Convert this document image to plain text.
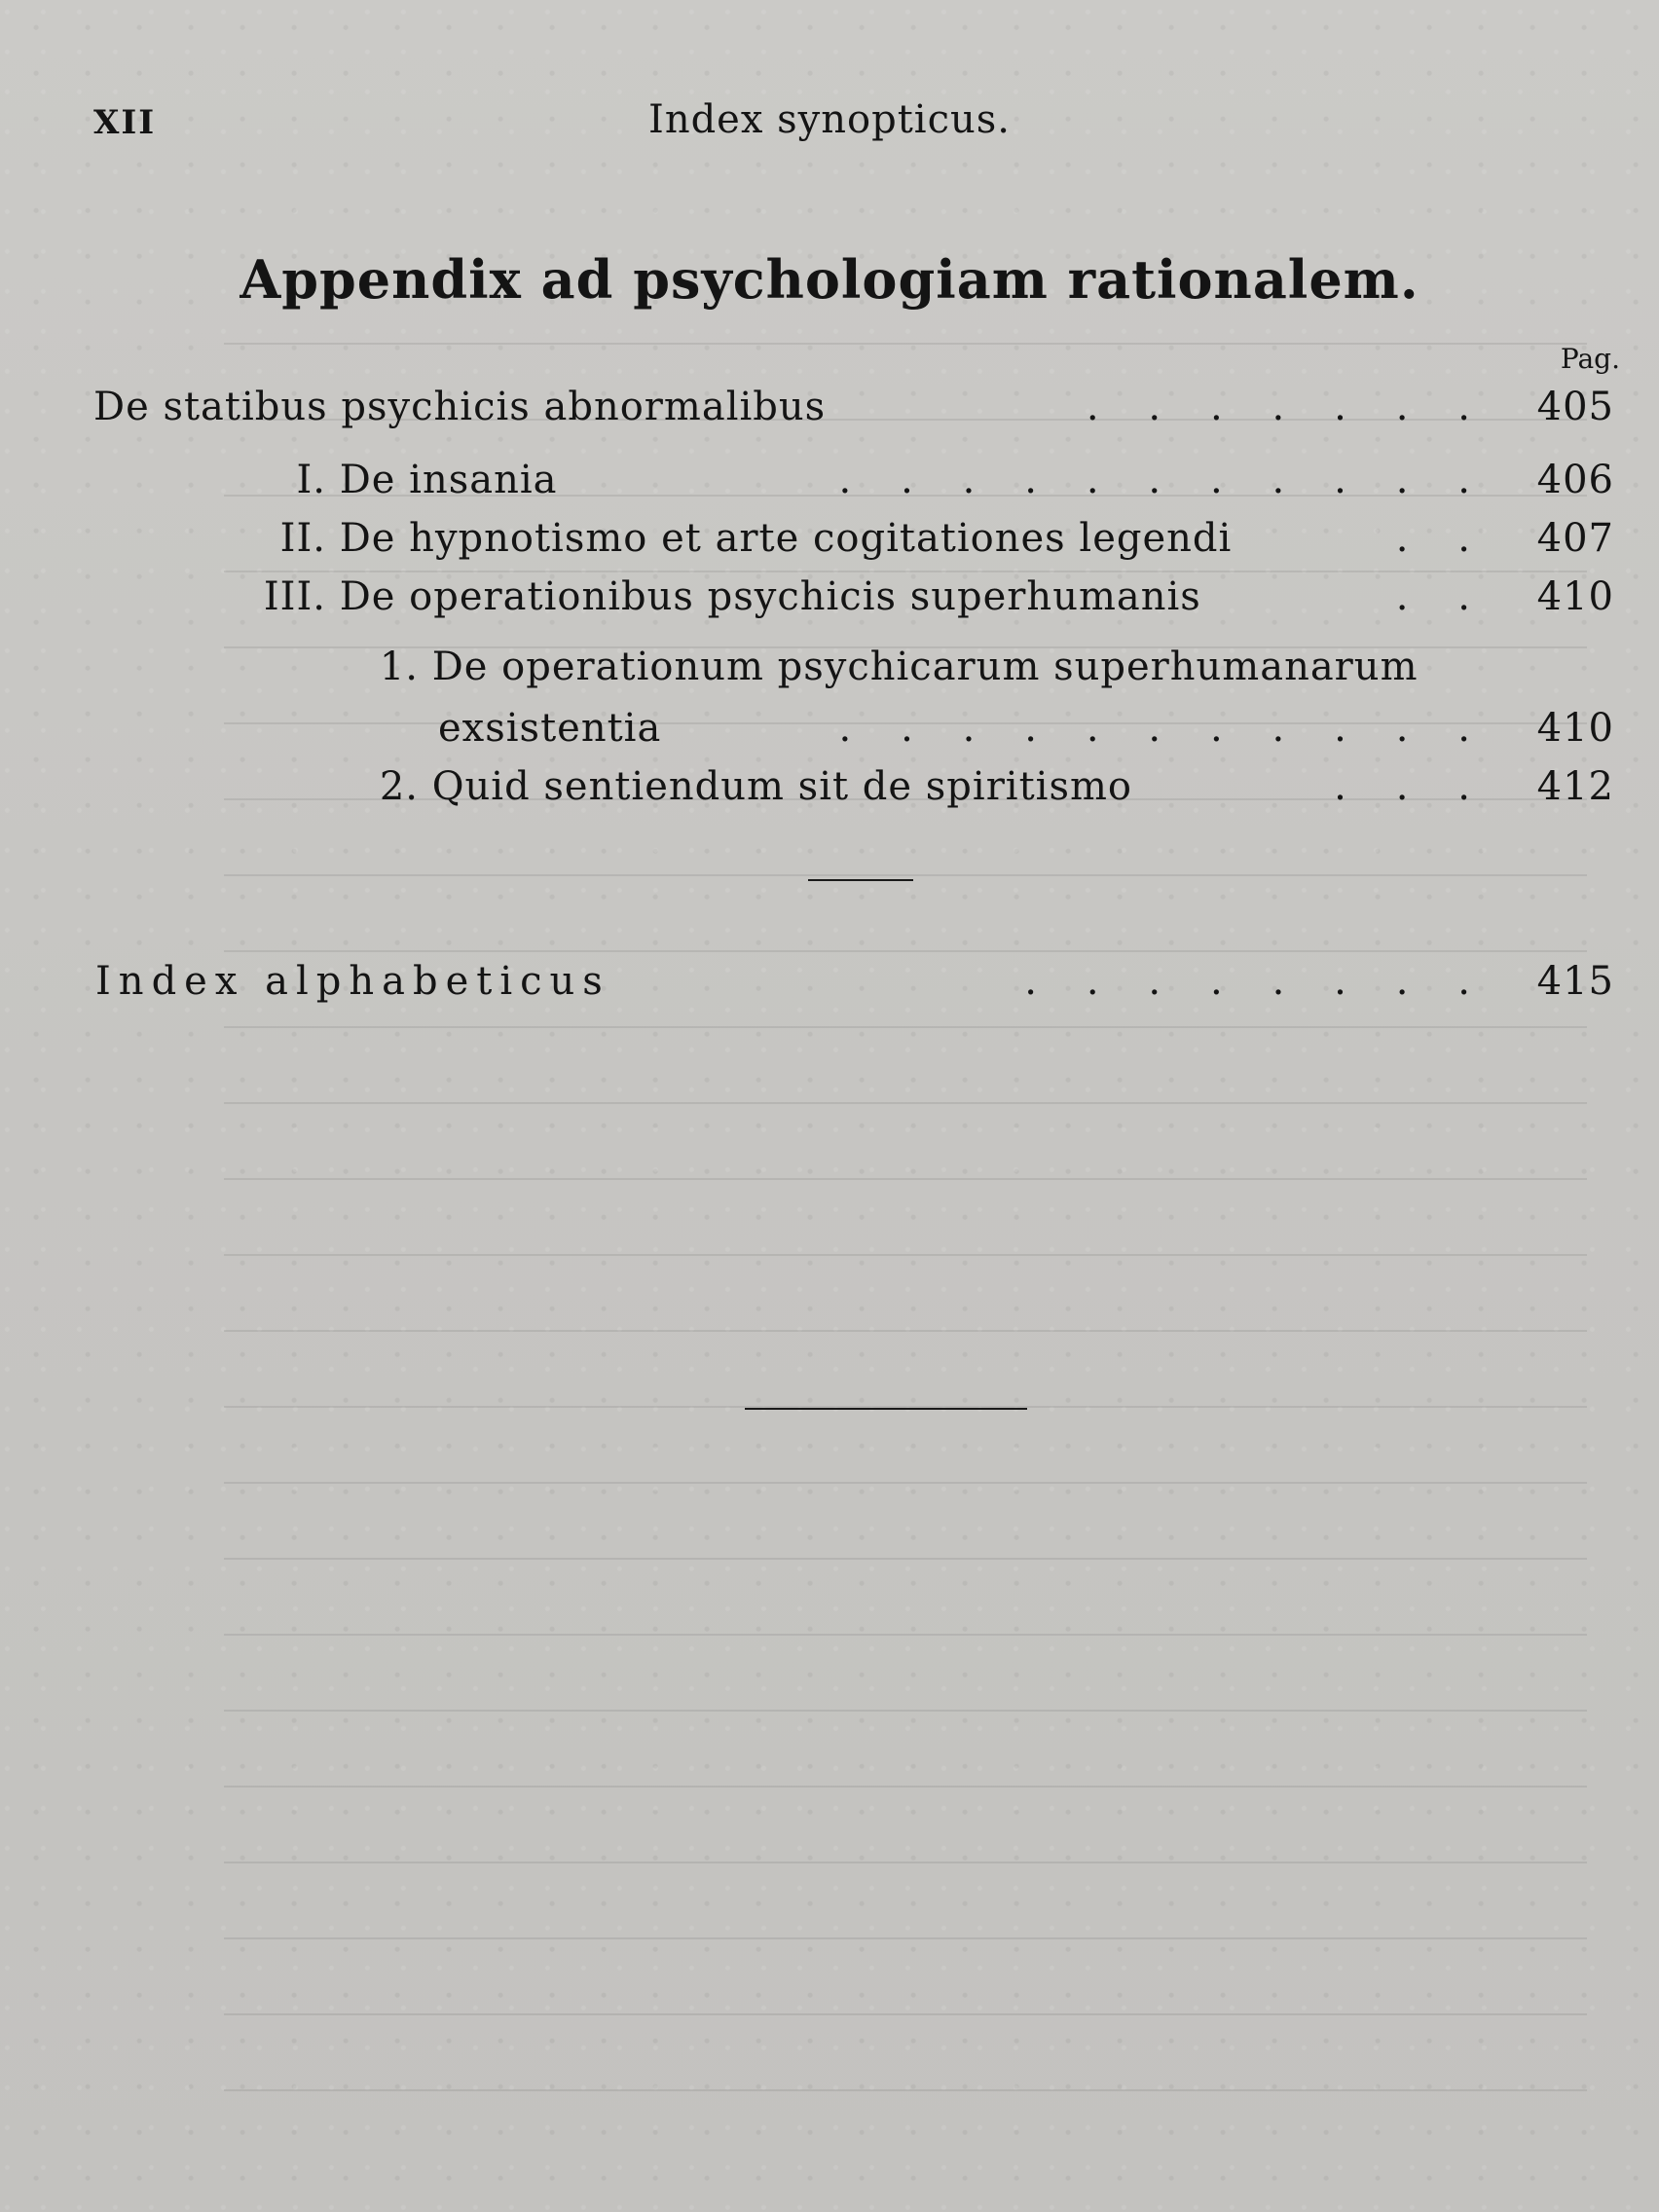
XII	Index synopticus.
Appendix ad psychologiam rationalem.
Pag.
De statibus psychicis abnormalibus	.    .    .    .    .    .    . 405
I. De insania	.    .    .    .    .    .    .    .    .    .    . 406
II. De hypnotismo et arte cogitationes legendi	.    . 407
III. De operationibus psychicis superhumanis	.    . 410
1. De operationum psychicarum superhumanarum
exsistentia	.    .    .    .    .    .    .    .    .    .    . 410
2. Quid sentiendum sit de spiritismo	.    .    . 412
Index alphabeticus	.    .    .    .    .    .    .    . 415
